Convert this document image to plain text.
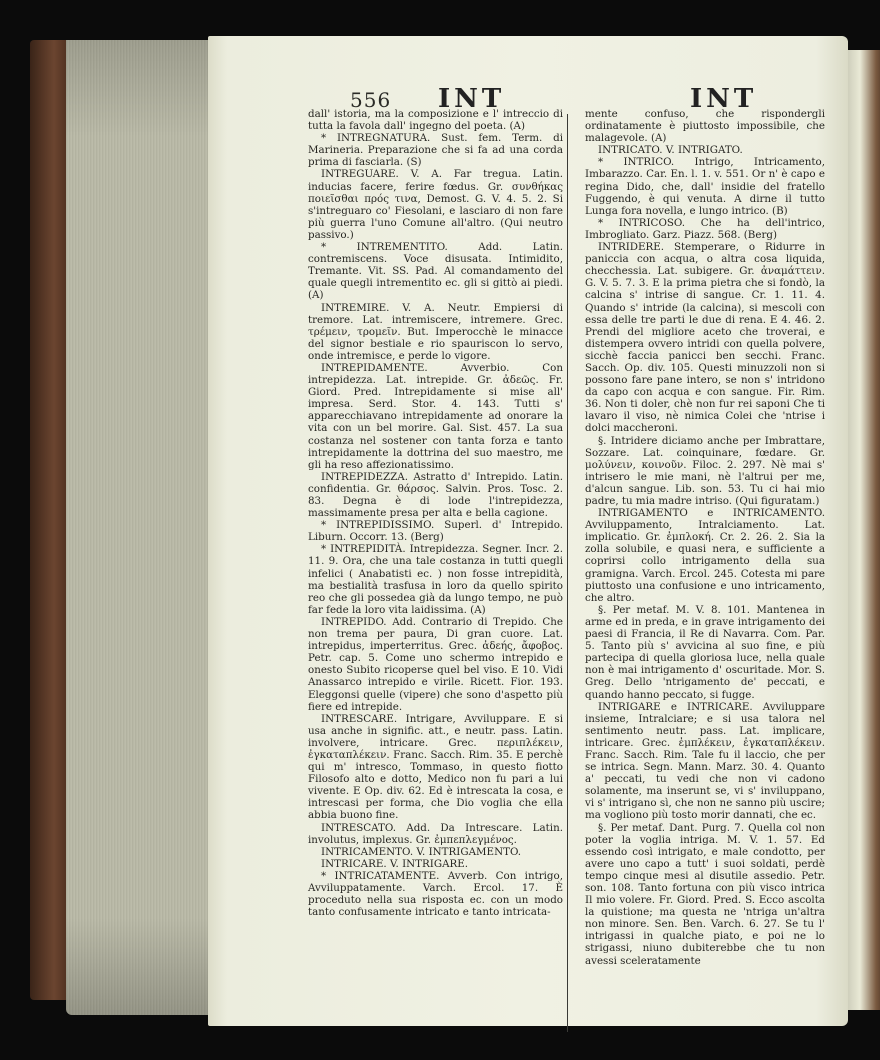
556 INT	INT

dall' istoria, ma la composizione e l' intreccio di tutta la favola dall' ingegno del poeta. (A)

* INTREGNATURA. Sust. fem. Term. di Marineria. Preparazione che si fa ad una corda prima di fasciarla. (S)

INTREGUARE. V. A. Far tregua. Latin. inducias facere, ferire fœdus. Gr. συνθήκας ποιεῖσθαι πρός τινα, Demost. G. V. 4. 5. 2. Si s'intreguaro co' Fiesolani, e lasciaro di non fare più guerra l'uno Comune all'altro. (Qui neutro passivo.)

* INTREMENTITO. Add. Latin. contremiscens. Voce disusata. Intimidito, Tremante. Vit. SS. Pad. Al comandamento del quale quegli intrementito ec. gli si gittò ai piedi. (A)

INTREMIRE. V. A. Neutr. Empiersi di tremore. Lat. intremiscere, intremere. Grec. τρέμειν, τρομεῖν. But. Imperocchè le minacce del signor bestiale e rio spauriscon lo servo, onde intremisce, e perde lo vigore.

INTREPIDAMENTE. Avverbio. Con intrepidezza. Lat. intrepide. Gr. ἀδεῶς. Fr. Giord. Pred. Intrepidamente si mise all' impresa. Serd. Stor. 4. 143. Tutti s' apparecchiavano intrepidamente ad onorare la vita con un bel morire. Gal. Sist. 457. La sua costanza nel sostener con tanta forza e tanto intrepidamente la dottrina del suo maestro, me gli ha reso affezionatissimo.

INTREPIDEZZA. Astratto d' Intrepido. Latin. confidentia. Gr. θάρσος. Salvin. Pros. Tosc. 2. 83. Degna è di lode l'intrepidezza, massimamente presa per alta e bella cagione.

* INTREPIDISSIMO. Superl. d' Intrepido. Liburn. Occorr. 13. (Berg)

* INTREPIDITÀ. Intrepidezza. Segner. Incr. 2. 11. 9. Ora, che una tale costanza in tutti quegli infelici ( Anabatisti ec. ) non fosse intrepidità, ma bestialità trasfusa in loro da quello spirito reo che gli possedea già da lungo tempo, ne può far fede la loro vita laidissima. (A)

INTREPIDO. Add. Contrario di Trepido. Che non trema per paura, Di gran cuore. Lat. intrepidus, imperterritus. Grec. ἀδεής, ἄφοβος. Petr. cap. 5. Come uno schermo intrepido e onesto Subito ricoperse quel bel viso. E 10. Vidi Anassarco intrepido e virile. Ricett. Fior. 193. Eleggonsi quelle (vipere) che sono d'aspetto più fiere ed intrepide.

INTRESCARE. Intrigare, Avviluppare. E si usa anche in signific. att., e neutr. pass. Latin. involvere, intricare. Grec. περιπλέκειν, ἐγκαταπλέκειν. Franc. Sacch. Rim. 35. E perchè qui m' intresco, Tommaso, in questo fiotto Filosofo alto e dotto, Medico non fu pari a lui vivente. E Op. div. 62. Ed è intrescata la cosa, e intrescasi per forma, che Dio voglia che ella abbia buono fine.

INTRESCATO. Add. Da Intrescare. Latin. involutus, implexus. Gr. ἐμπεπλεγμένος.

INTRICAMENTO. V. INTRIGAMENTO.

INTRICARE. V. INTRIGARE.

* INTRICATAMENTE. Avverb. Con intrigo, Avviluppatamente. Varch. Ercol. 17. È proceduto nella sua risposta ec. con un modo tanto confusamente intricato e tanto intricata-

mente confuso, che rispondergli ordinatamente è piuttosto impossibile, che malagevole. (A)

INTRICATO. V. INTRIGATO.

* INTRICO. Intrigo, Intricamento, Imbarazzo. Car. En. l. 1. v. 551. Or n' è capo e regina Dido, che, dall' insidie del fratello Fuggendo, è qui venuta. A dirne il tutto Lunga fora novella, e lungo intrico. (B)

* INTRICOSO. Che ha dell'intrico, Imbrogliato. Garz. Piazz. 568. (Berg)

INTRIDERE. Stemperare, o Ridurre in paniccia con acqua, o altra cosa liquida, checchessia. Lat. subigere. Gr. ἀναμάττειν. G. V. 5. 7. 3. E la prima pietra che si fondò, la calcina s' intrise di sangue. Cr. 1. 11. 4. Quando s' intride (la calcina), si mescoli con essa delle tre parti le due di rena. E 4. 46. 2. Prendi del migliore aceto che troverai, e distempera ovvero intridi con quella polvere, sicchè faccia panicci ben secchi. Franc. Sacch. Op. div. 105. Questi minuzzoli non si possono fare pane intero, se non s' intridono da capo con acqua e con sangue. Fir. Rim. 36. Non ti doler, chè non fur rei saponi Che ti lavaro il viso, nè nimica Colei che 'ntrise i dolci maccheroni.

§. Intridere diciamo anche per Imbrattare, Sozzare. Lat. coinquinare, fœdare. Gr. μολύνειν, κοινοῦν. Filoc. 2. 297. Nè mai s' intrisero le mie mani, nè l'altrui per me, d'alcun sangue. Lib. son. 53. Tu ci hai mio padre, tu mia madre intriso. (Qui figuratam.)

INTRIGAMENTO e INTRICAMENTO. Avviluppamento, Intralciamento. Lat. implicatio. Gr. ἐμπλοκή. Cr. 2. 26. 2. Sia la zolla solubile, e quasi nera, e sufficiente a coprirsi collo intrigamento della sua gramigna. Varch. Ercol. 245. Cotesta mi pare piuttosto una confusione e uno intricamento, che altro.

§. Per metaf. M. V. 8. 101. Mantenea in arme ed in preda, e in grave intrigamento dei paesi di Francia, il Re di Navarra. Com. Par. 5. Tanto più s' avvicina al suo fine, e più partecipa di quella gloriosa luce, nella quale non è mai intrigamento d' oscuritade. Mor. S. Greg. Dello 'ntrigamento de' peccati, e quando hanno peccato, si fugge.

INTRIGARE e INTRICARE. Avviluppare insieme, Intralciare; e si usa talora nel sentimento neutr. pass. Lat. implicare, intricare. Grec. ἐμπλέκειν, ἐγκαταπλέκειν. Franc. Sacch. Rim. Tale fu il laccio, che per se intrica. Segn. Mann. Marz. 30. 4. Quanto a' peccati, tu vedi che non vi cadono solamente, ma inserunt se, vi s' inviluppano, vi s' intrigano sì, che non ne sanno più uscire; ma vogliono più tosto morir dannati, che ec.

§. Per metaf. Dant. Purg. 7. Quella col non poter la voglia intriga. M. V. 1. 57. Ed essendo così intrigato, e male condotto, per avere uno capo a tutt' i suoi soldati, perdè tempo cinque mesi al disutile assedio. Petr. son. 108. Tanto fortuna con più visco intrica Il mio volere. Fr. Giord. Pred. S. Ecco ascolta la quistione; ma questa ne 'ntriga un'altra non minore. Sen. Ben. Varch. 6. 27. Se tu l' intrigassi in qualche piato, e poi ne lo strigassi, niuno dubiterebbe che tu non avessi sceleratamente
